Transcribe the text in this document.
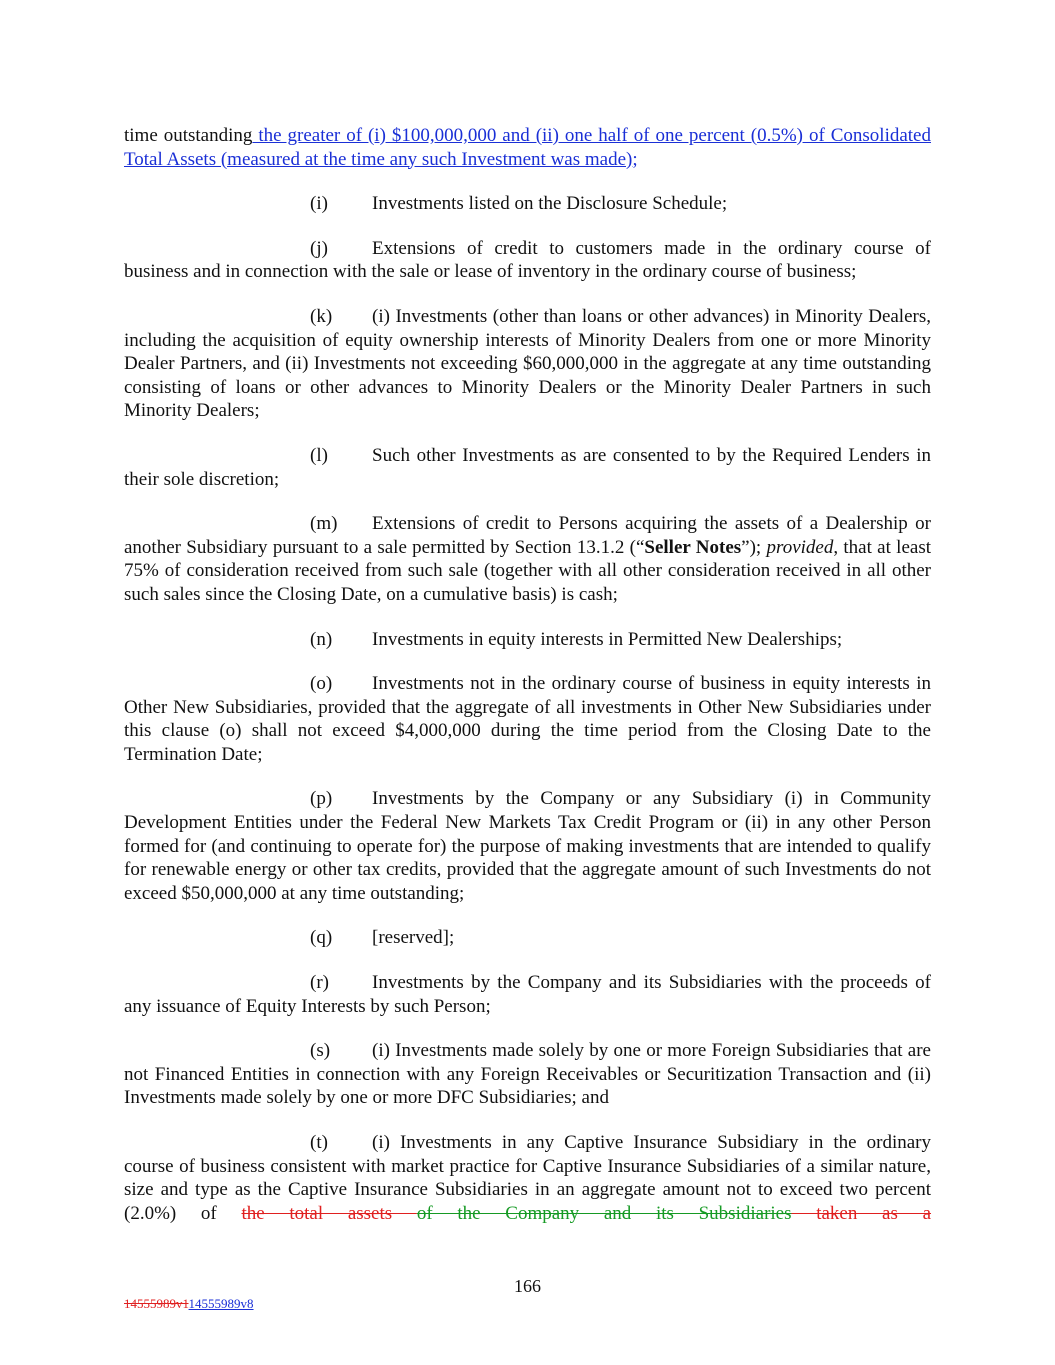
time outstanding the greater of (i) $100,000,000 and (ii) one half of one percent (0.5%) of Consolidated Total Assets (measured at the time any such Investment was made);

(i) Investments listed on the Disclosure Schedule;

(j) Extensions of credit to customers made in the ordinary course of business and in connection with the sale or lease of inventory in the ordinary course of business;

(k) (i) Investments (other than loans or other advances) in Minority Dealers, including the acquisition of equity ownership interests of Minority Dealers from one or more Minority Dealer Partners, and (ii) Investments not exceeding $60,000,000 in the aggregate at any time outstanding consisting of loans or other advances to Minority Dealers or the Minority Dealer Partners in such Minority Dealers;

(l) Such other Investments as are consented to by the Required Lenders in their sole discretion;

(m) Extensions of credit to Persons acquiring the assets of a Dealership or another Subsidiary pursuant to a sale permitted by Section 13.1.2 (“Seller Notes”); provided, that at least 75% of consideration received from such sale (together with all other consideration received in all other such sales since the Closing Date, on a cumulative basis) is cash;

(n) Investments in equity interests in Permitted New Dealerships;

(o) Investments not in the ordinary course of business in equity interests in Other New Subsidiaries, provided that the aggregate of all investments in Other New Subsidiaries under this clause (o) shall not exceed $4,000,000 during the time period from the Closing Date to the Termination Date;

(p) Investments by the Company or any Subsidiary (i) in Community Development Entities under the Federal New Markets Tax Credit Program or (ii) in any other Person formed for (and continuing to operate for) the purpose of making investments that are intended to qualify for renewable energy or other tax credits, provided that the aggregate amount of such Investments do not exceed $50,000,000 at any time outstanding;

(q) [reserved];

(r) Investments by the Company and its Subsidiaries with the proceeds of any issuance of Equity Interests by such Person;

(s) (i) Investments made solely by one or more Foreign Subsidiaries that are not Financed Entities in connection with any Foreign Receivables or Securitization Transaction and (ii) Investments made solely by one or more DFC Subsidiaries; and

(t) (i) Investments in any Captive Insurance Subsidiary in the ordinary course of business consistent with market practice for Captive Insurance Subsidiaries of a similar nature, size and type as the Captive Insurance Subsidiaries in an aggregate amount not to exceed two percent (2.0%) of the total assets of the Company and its Subsidiaries taken as a

166
14555989v114555989v8
